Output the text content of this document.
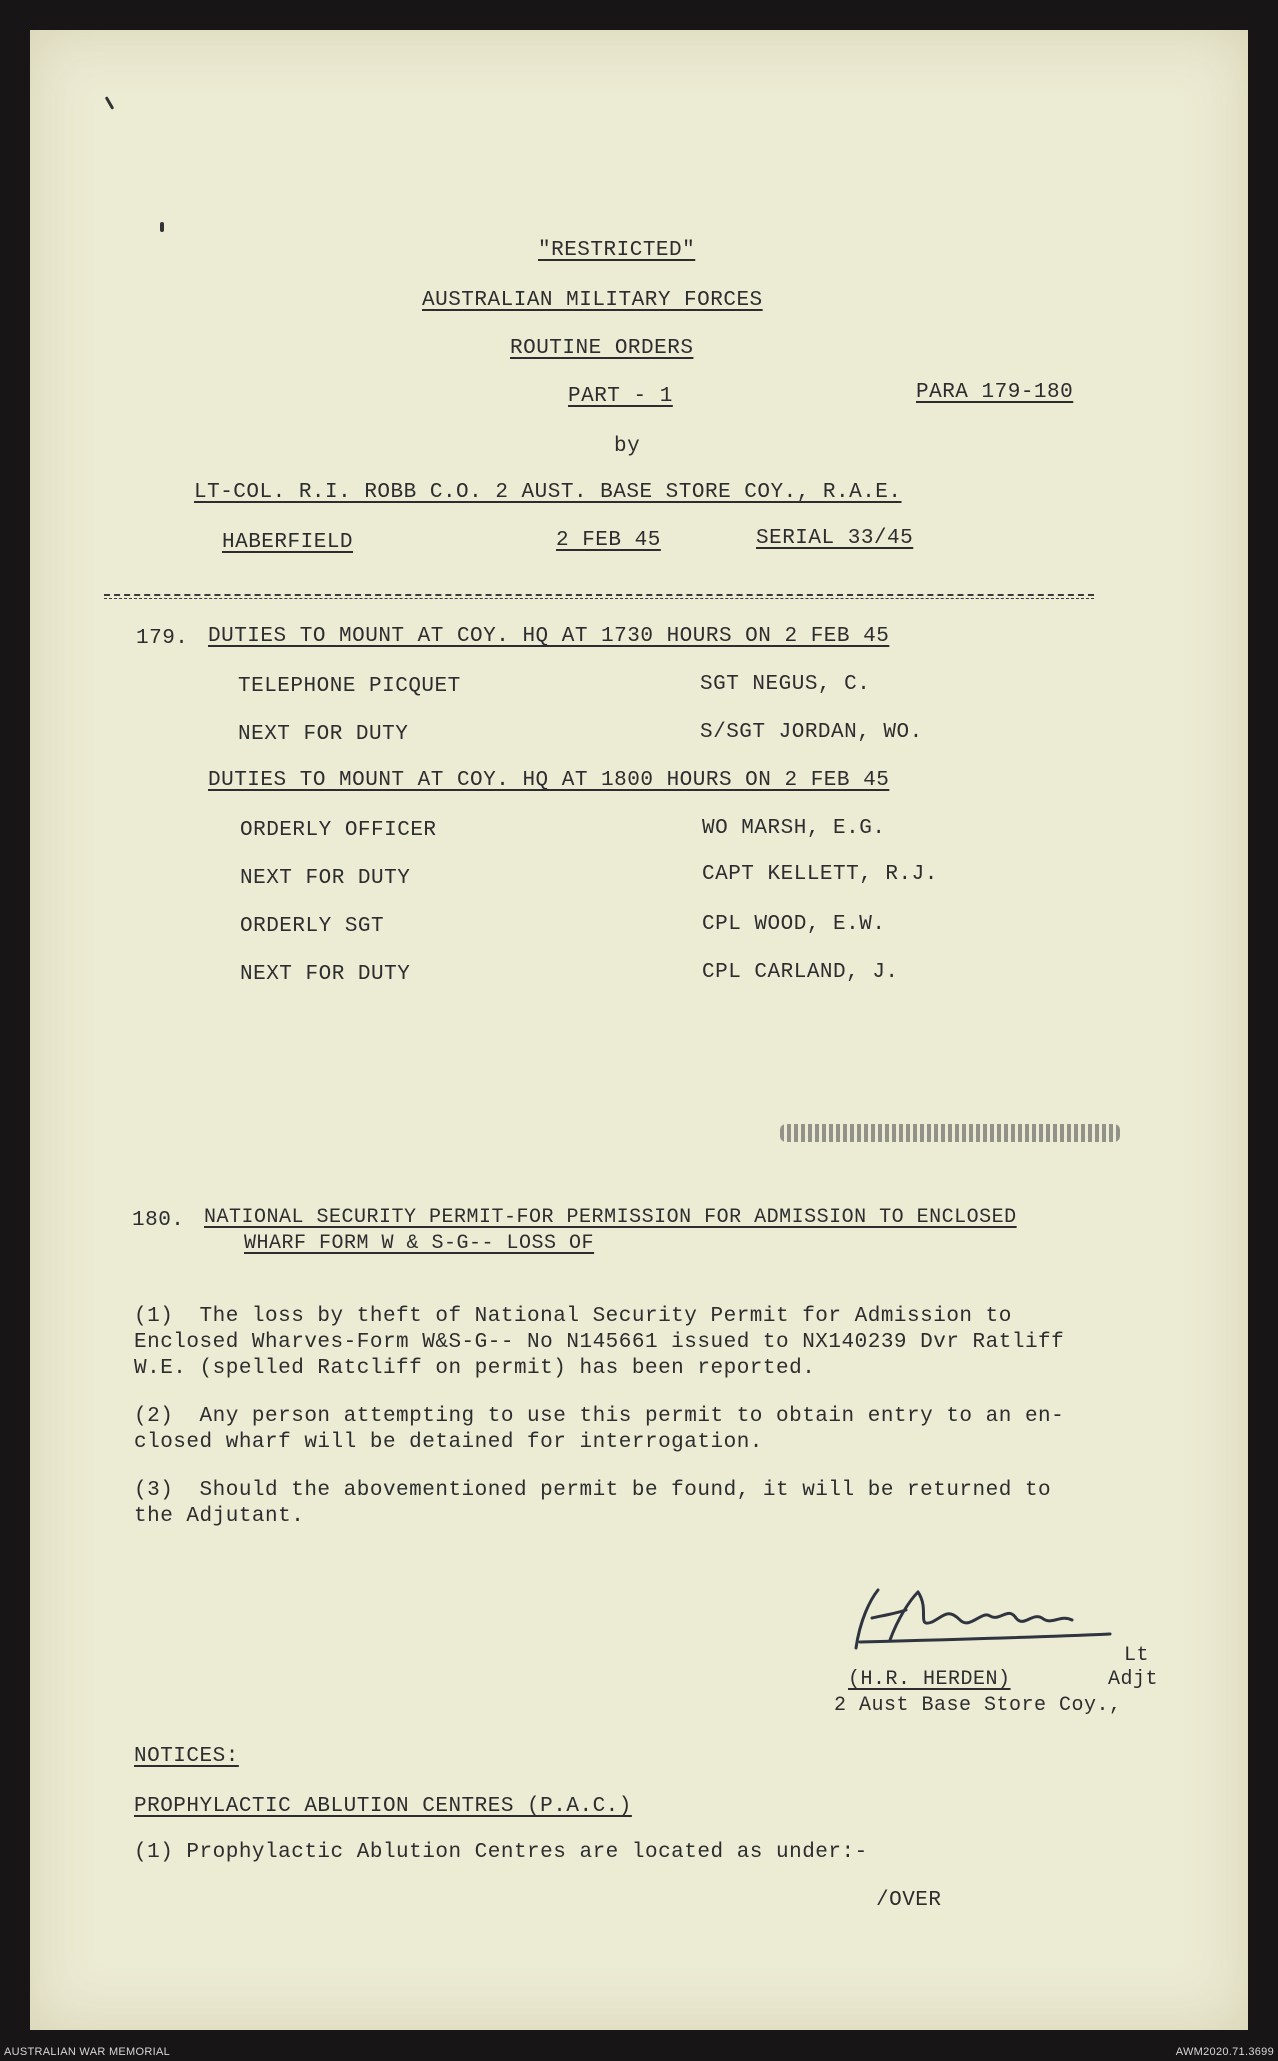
"RESTRICTED"
AUSTRALIAN MILITARY FORCES
ROUTINE ORDERS
PART - 1	PARA 179-180
by
LT-COL. R.I. ROBB C.O. 2 AUST. BASE STORE COY., R.A.E.
HABERFIELD	2 FEB 45	SERIAL 33/45
179. DUTIES TO MOUNT AT COY. HQ AT 1730 HOURS ON 2 FEB 45
TELEPHONE PICQUET	SGT NEGUS, C.
NEXT FOR DUTY	S/SGT JORDAN, WO.
DUTIES TO MOUNT AT COY. HQ AT 1800 HOURS ON 2 FEB 45
ORDERLY OFFICER	WO MARSH, E.G.
NEXT FOR DUTY	CAPT KELLETT, R.J.
ORDERLY SGT	CPL WOOD, E.W.
NEXT FOR DUTY	CPL CARLAND, J.
180. NATIONAL SECURITY PERMIT-FOR PERMISSION FOR ADMISSION TO ENCLOSED
WHARF FORM W & S-G-- LOSS OF
(1)  The loss by theft of National Security Permit for Admission to
Enclosed Wharves-Form W&S-G-- No N145661 issued to NX140239 Dvr Ratliff
W.E. (spelled Ratcliff on permit) has been reported.
(2)  Any person attempting to use this permit to obtain entry to an en-
closed wharf will be detained for interrogation.
(3)  Should the abovementioned permit be found, it will be returned to
the Adjutant.
Lt
(H.R. HERDEN)	Adjt
2 Aust Base Store Coy.,
NOTICES:
PROPHYLACTIC ABLUTION CENTRES (P.A.C.)
(1) Prophylactic Ablution Centres are located as under:-
/OVER
AUSTRALIAN WAR MEMORIAL	AWM2020.71.3699
